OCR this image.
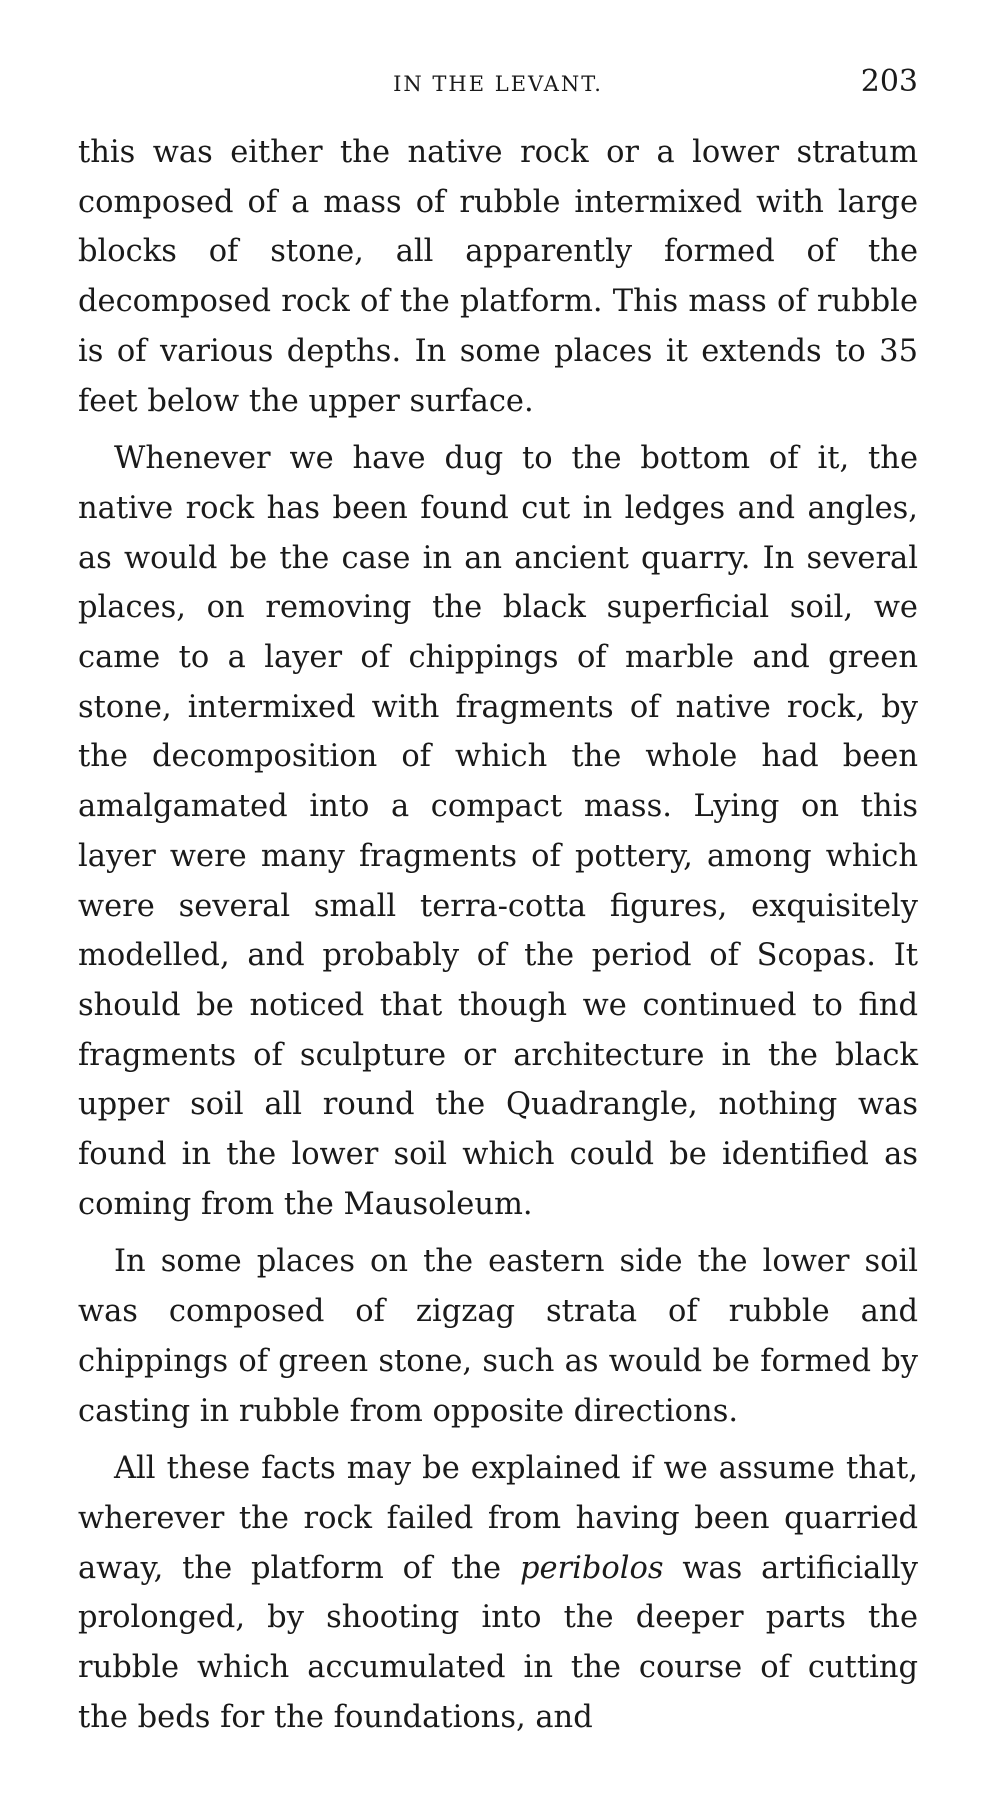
IN THE LEVANT.	203

this was either the native rock or a lower stratum composed of a mass of rubble intermixed with large blocks of stone, all apparently formed of the decomposed rock of the platform. This mass of rubble is of various depths. In some places it extends to 35 feet below the upper surface.

Whenever we have dug to the bottom of it, the native rock has been found cut in ledges and angles, as would be the case in an ancient quarry. In several places, on removing the black superficial soil, we came to a layer of chippings of marble and green stone, intermixed with fragments of native rock, by the decomposition of which the whole had been amalgamated into a compact mass. Lying on this layer were many fragments of pottery, among which were several small terra-cotta figures, exquisitely modelled, and probably of the period of Scopas. It should be noticed that though we continued to find fragments of sculpture or architecture in the black upper soil all round the Quadrangle, nothing was found in the lower soil which could be identified as coming from the Mausoleum.

In some places on the eastern side the lower soil was composed of zigzag strata of rubble and chippings of green stone, such as would be formed by casting in rubble from opposite directions.

All these facts may be explained if we assume that, wherever the rock failed from having been quarried away, the platform of the peribolos was artificially prolonged, by shooting into the deeper parts the rubble which accumulated in the course of cutting the beds for the foundations, and
